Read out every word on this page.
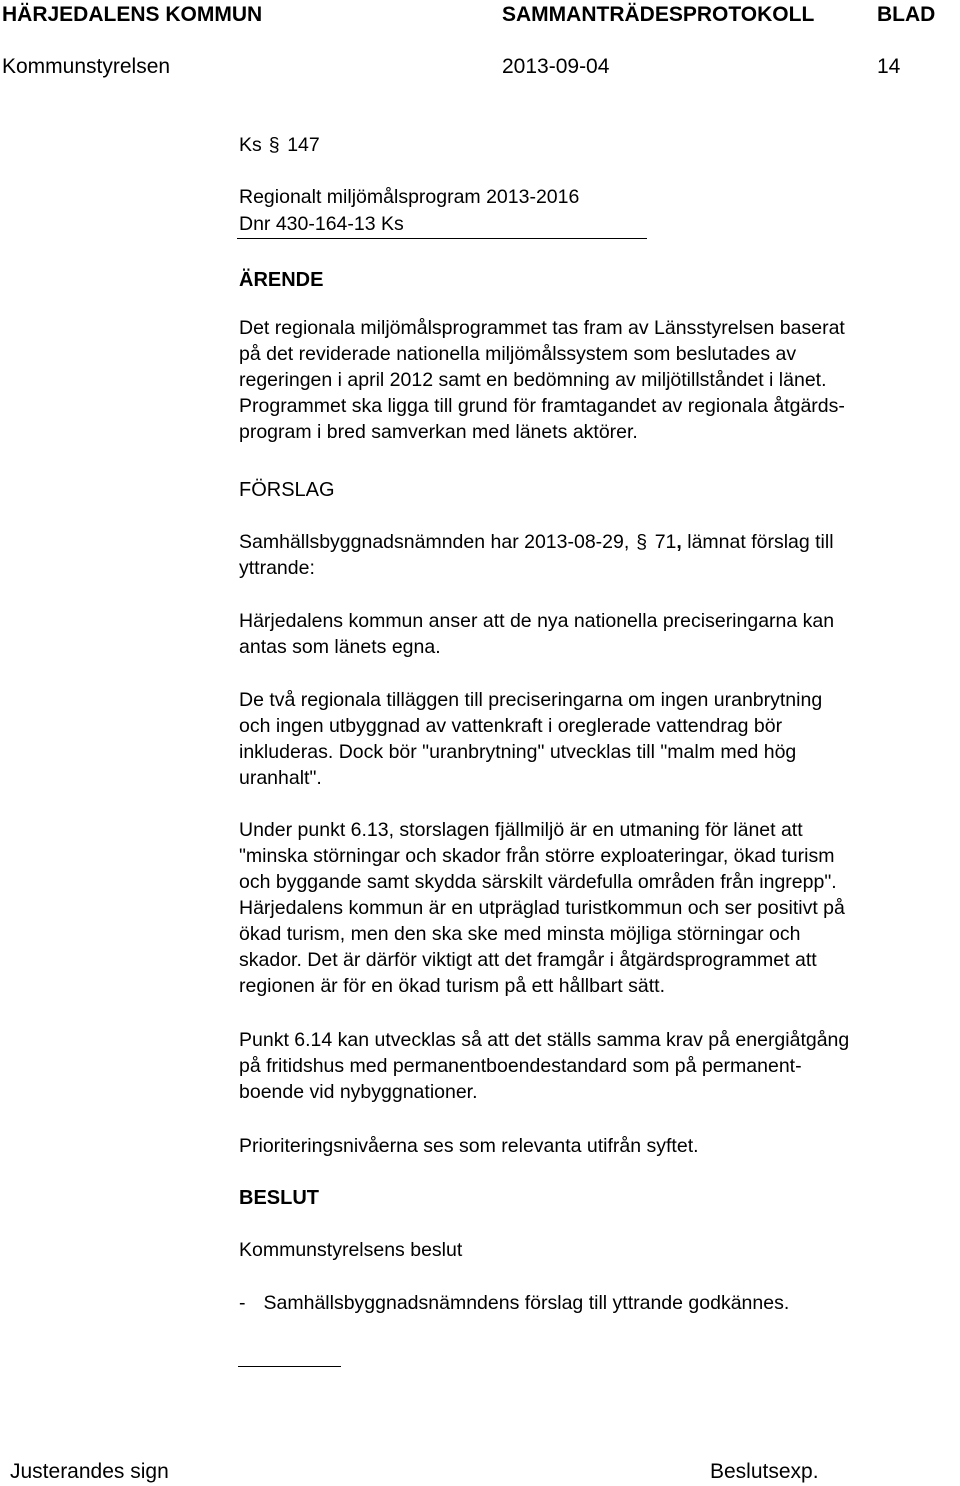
HÄRJEDALENS KOMMUN	SAMMANTRÄDESPROTOKOLL	BLAD
Kommunstyrelsen	2013-09-04	14
Ks § 147
Regionalt miljömålsprogram 2013-2016
Dnr 430-164-13 Ks
ÄRENDE
Det regionala miljömålsprogrammet tas fram av Länsstyrelsen baserat
på det reviderade nationella miljömålssystem som beslutades av
regeringen i april 2012 samt en bedömning av miljötillståndet i länet.
Programmet ska ligga till grund för framtagandet av regionala åtgärds-
program i bred samverkan med länets aktörer.
FÖRSLAG
Samhällsbyggnadsnämnden har 2013-08-29, § 71, lämnat förslag till
yttrande:
Härjedalens kommun anser att de nya nationella preciseringarna kan
antas som länets egna.
De två regionala tilläggen till preciseringarna om ingen uranbrytning
och ingen utbyggnad av vattenkraft i oreglerade vattendrag bör
inkluderas. Dock bör "uranbrytning" utvecklas till "malm med hög
uranhalt".
Under punkt 6.13, storslagen fjällmiljö är en utmaning för länet att
"minska störningar och skador från större exploateringar, ökad turism
och byggande samt skydda särskilt värdefulla områden från ingrepp".
Härjedalens kommun är en utpräglad turistkommun och ser positivt på
ökad turism, men den ska ske med minsta möjliga störningar och
skador. Det är därför viktigt att det framgår i åtgärdsprogrammet att
regionen är för en ökad turism på ett hållbart sätt.
Punkt 6.14 kan utvecklas så att det ställs samma krav på energiåtgång
på fritidshus med permanentboendestandard som på permanent-
boende vid nybyggnationer.
Prioriteringsnivåerna ses som relevanta utifrån syftet.
BESLUT
Kommunstyrelsens beslut
- Samhällsbyggnadsnämndens förslag till yttrande godkännes.
Justerandes sign	Beslutsexp.
